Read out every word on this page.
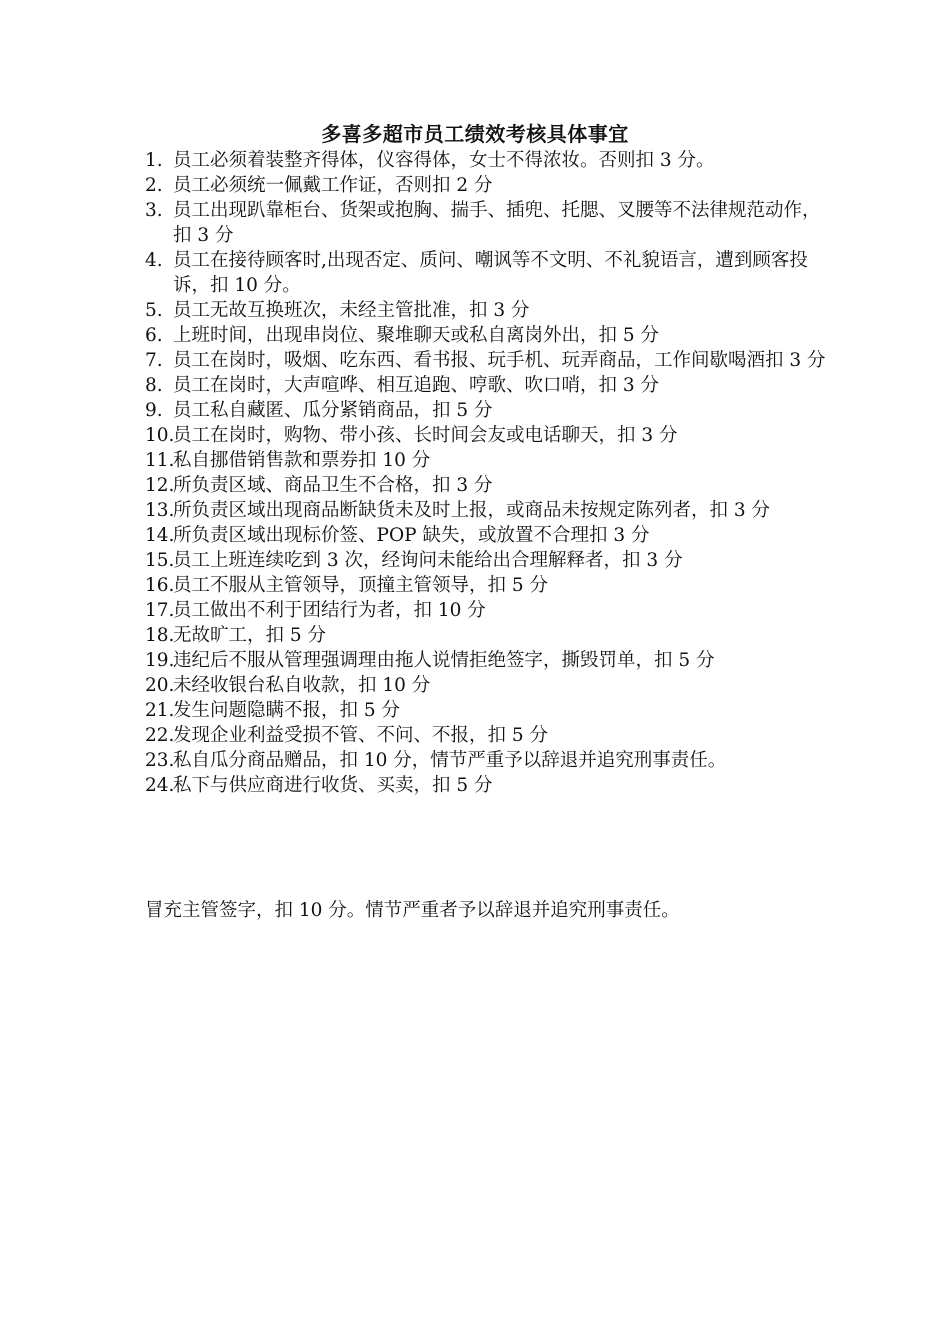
多喜多超市员工绩效考核具体事宜
1. 员工必须着装整齐得体，仪容得体，女士不得浓妆。否则扣 3 分。
2. 员工必须统一佩戴工作证，否则扣 2 分
3. 员工出现趴靠柜台、货架或抱胸、揣手、插兜、托腮、叉腰等不法律规范动作，扣 3 分
4. 员工在接待顾客时,出现否定、质问、嘲讽等不文明、不礼貌语言，遭到顾客投诉，扣 10 分。
5. 员工无故互换班次，未经主管批准，扣 3 分
6. 上班时间，出现串岗位、聚堆聊天或私自离岗外出，扣 5 分
7. 员工在岗时，吸烟、吃东西、看书报、玩手机、玩弄商品，工作间歇喝酒扣 3 分
8. 员工在岗时，大声喧哗、相互追跑、哼歌、吹口哨，扣 3 分
9. 员工私自藏匿、瓜分紧销商品，扣 5 分
10.
员工在岗时，购物、带小孩、长时间会友或电话聊天，扣 3 分
11.
私自挪借销售款和票券扣 10 分
12.
所负责区域、商品卫生不合格，扣 3 分
13.
所负责区域出现商品断缺货未及时上报，或商品未按规定陈列者，扣 3 分
14.
所负责区域出现标价签、POP 缺失，或放置不合理扣 3 分
15.
员工上班连续吃到 3 次，经询问未能给出合理解释者，扣 3 分
16.
员工不服从主管领导，顶撞主管领导，扣 5 分
17.
员工做出不利于团结行为者，扣 10 分
18.
无故旷工，扣 5 分
19.
违纪后不服从管理强调理由拖人说情拒绝签字，撕毁罚单，扣 5 分
20.
未经收银台私自收款，扣 10 分
21.
发生问题隐瞒不报，扣 5 分
22.
发现企业利益受损不管、不问、不报，扣 5 分
23.
私自瓜分商品赠品，扣 10 分，情节严重予以辞退并追究刑事责任。
24.
私下与供应商进行收货、买卖，扣 5 分
冒充主管签字，扣 10 分。情节严重者予以辞退并追究刑事责任。
